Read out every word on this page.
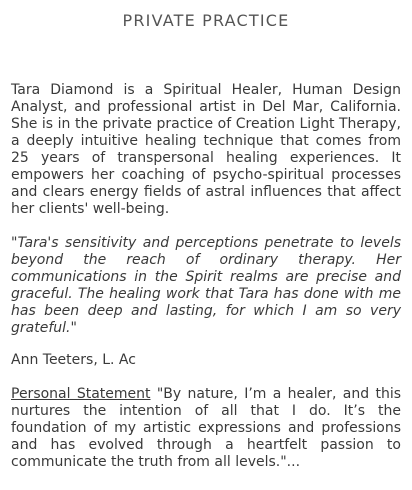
PRIVATE PRACTICE
Tara Diamond is a Spiritual Healer, Human Design Analyst, and professional artist in Del Mar, California. She is in the private practice of Creation Light Therapy, a deeply intuitive healing technique that comes from 25 years of transpersonal healing experiences. It empowers her coaching of psycho-spiritual processes and clears energy fields of astral influences that affect her clients' well-being.
"Tara's sensitivity and perceptions penetrate to levels beyond the reach of ordinary therapy. Her communications in the Spirit realms are precise and graceful. The healing work that Tara has done with me has been deep and lasting, for which I am so very grateful."
Ann Teeters, L. Ac
Personal Statement "By nature, I’m a healer, and this nurtures the intention of all that I do. It’s the foundation of my artistic expressions and professions and has evolved through a heartfelt passion to communicate the truth from all levels."...
